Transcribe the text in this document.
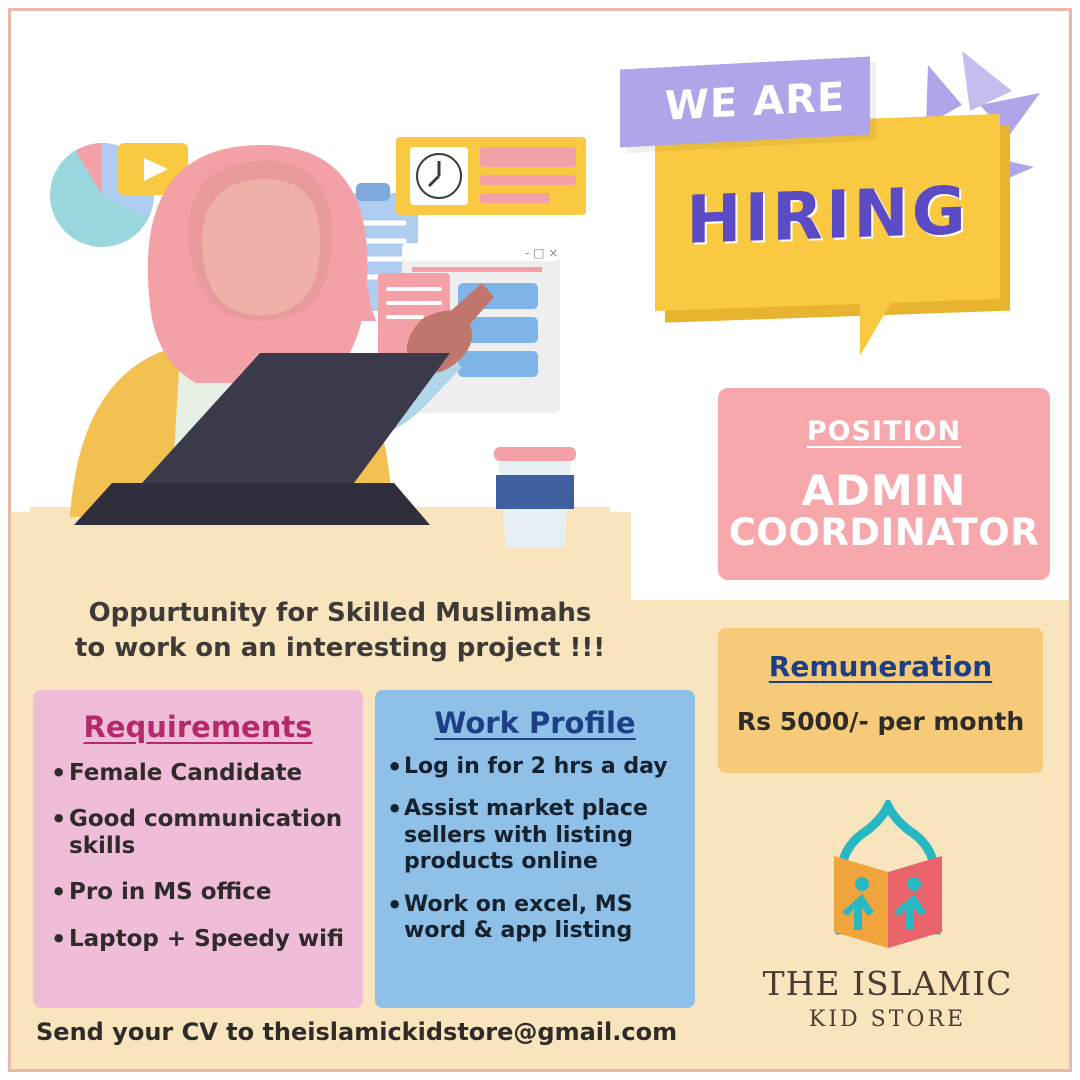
- □ ×	HIRING
WE ARE
POSITION
ADMIN
COORDINATOR
Oppurtunity for Skilled Muslimahs
to work on an interesting project !!!
Requirements
• Female Candidate
• Good communication skills
• Pro in MS office
• Laptop + Speedy wifi
Work Profile
• Log in for 2 hrs a day
• Assist market place sellers with listing products online
• Work on excel, MS word & app listing
Remuneration
Rs 5000/- per month
Send your CV to theislamickidstore@gmail.com
THE ISLAMIC
KID STORE
